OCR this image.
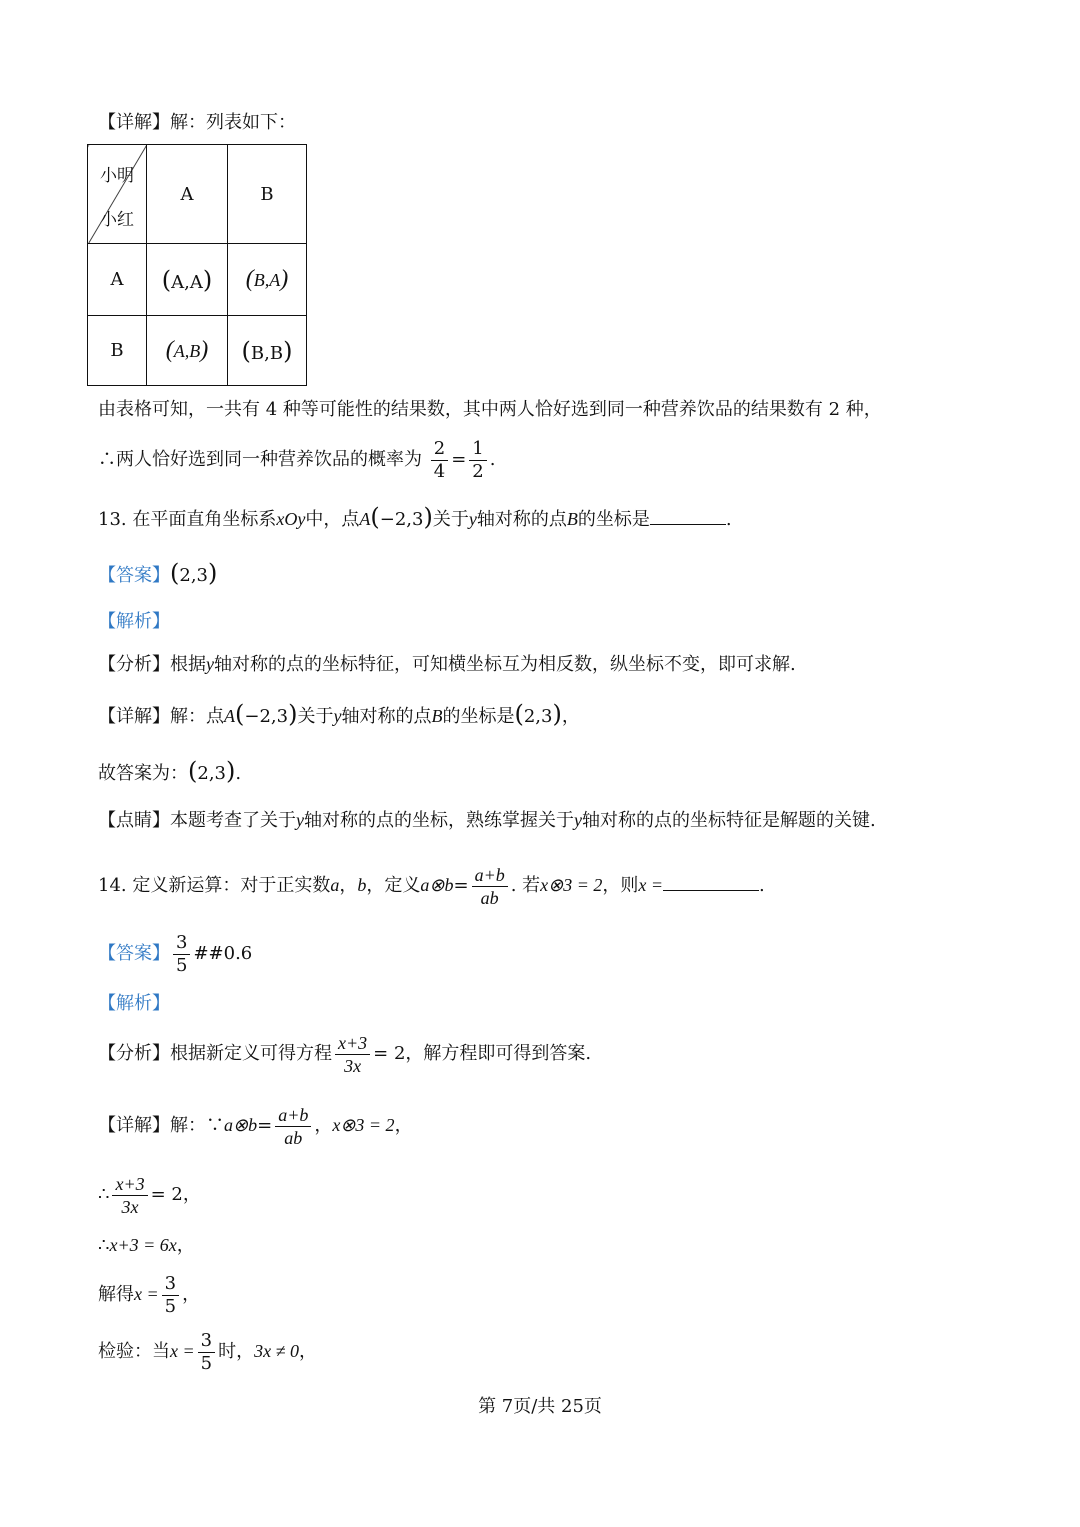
【详解】解：列表如下：
小明
小红	A	B
A	(A,A)	(B,A)
B	(A,B)	(B,B)
由表格可知，一共有 4 种等可能性的结果数，其中两人恰好选到同一种营养饮品的结果数有 2 种，
∴两人恰好选到同一种营养饮品的概率为 $\frac{2}{4} = \frac{1}{2}$ .
13. 在平面直角坐标系xOy中，点A(−2,3)关于y轴对称的点B的坐标是	.
【答案】(2,3)
【解析】
【分析】根据y轴对称的点的坐标特征，可知横坐标互为相反数，纵坐标不变，即可求解.
【详解】解：点A(−2,3)关于y轴对称的点B的坐标是(2,3)，
故答案为：(2,3).
【点睛】本题考查了关于y轴对称的点的坐标，熟练掌握关于y轴对称的点的坐标特征是解题的关键.
14. 定义新运算：对于正实数a，b，定义a⊗b= $\frac{a+b}{ab}$ . 若x⊗3 = 2，则x =	.
【答案】 $\frac{3}{5}$ ##0.6
【解析】
【分析】根据新定义可得方程 $\frac{x+3}{3x} = 2$，解方程即可得到答案.
【详解】解：∵a⊗b= $\frac{a+b}{ab}$ ，x⊗3 = 2，
∴ $\frac{x+3}{3x} = 2$，
∴x+3 = 6x，
解得$x = \frac{3}{5}$ ，
检验：当$x = \frac{3}{5}$ 时，3x ≠ 0，
第 7页/共 25页
